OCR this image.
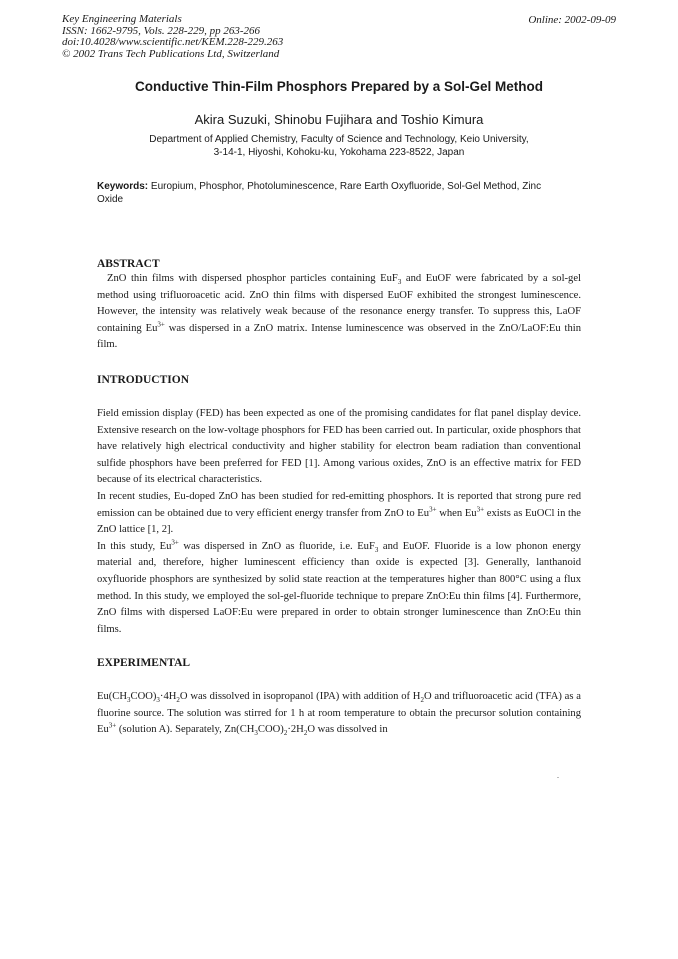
Key Engineering Materials
ISSN: 1662-9795, Vols. 228-229, pp 263-266
doi:10.4028/www.scientific.net/KEM.228-229.263
© 2002 Trans Tech Publications Ltd, Switzerland
Online: 2002-09-09
Conductive Thin-Film Phosphors Prepared by a Sol-Gel Method
Akira Suzuki, Shinobu Fujihara and Toshio Kimura
Department of Applied Chemistry, Faculty of Science and Technology, Keio University,
3-14-1, Hiyoshi, Kohoku-ku, Yokohama 223-8522, Japan
Keywords: Europium, Phosphor, Photoluminescence, Rare Earth Oxyfluoride, Sol-Gel Method, Zinc Oxide
ABSTRACT

ZnO thin films with dispersed phosphor particles containing EuF$_3$ and EuOF were fabricated by a sol-gel method using trifluoroacetic acid. ZnO thin films with dispersed EuOF exhibited the strongest luminescence. However, the intensity was relatively weak because of the resonance energy transfer. To suppress this, LaOF containing $Eu^{3+}$ was dispersed in a ZnO matrix. Intense luminescence was observed in the ZnO/LaOF:Eu thin film.

INTRODUCTION

Field emission display (FED) has been expected as one of the promising candidates for flat panel display device. Extensive research on the low-voltage phosphors for FED has been carried out. In particular, oxide phosphors that have relatively high electrical conductivity and higher stability for electron beam radiation than conventional sulfide phosphors have been preferred for FED [1]. Among various oxides, ZnO is an effective matrix for FED because of its electrical characteristics.

In recent studies, Eu-doped ZnO has been studied for red-emitting phosphors. It is reported that strong pure red emission can be obtained due to very efficient energy transfer from ZnO to $Eu^{3+}$ when $Eu^{3+}$ exists as EuOCl in the ZnO lattice [1, 2].

In this study, $Eu^{3+}$ was dispersed in ZnO as fluoride, i.e. EuF$_3$ and EuOF. Fluoride is a low phonon energy material and, therefore, higher luminescent efficiency than oxide is expected [3]. Generally, lanthanoid oxyfluoride phosphors are synthesized by solid state reaction at the temperatures higher than 800°C using a flux method. In this study, we employed the sol-gel-fluoride technique to prepare ZnO:Eu thin films [4]. Furthermore, ZnO films with dispersed LaOF:Eu were prepared in order to obtain stronger luminescence than ZnO:Eu thin films.

EXPERIMENTAL

$Eu(CH_3COO)_3\cdot 4H_2O$ was dissolved in isopropanol (IPA) with addition of $H_2O$ and trifluoroacetic acid (TFA) as a fluorine source. The solution was stirred for 1 h at room temperature to obtain the precursor solution containing $Eu^{3+}$ (solution A). Separately, $Zn(CH_3COO)_2\cdot 2H_2O$ was dissolved in
